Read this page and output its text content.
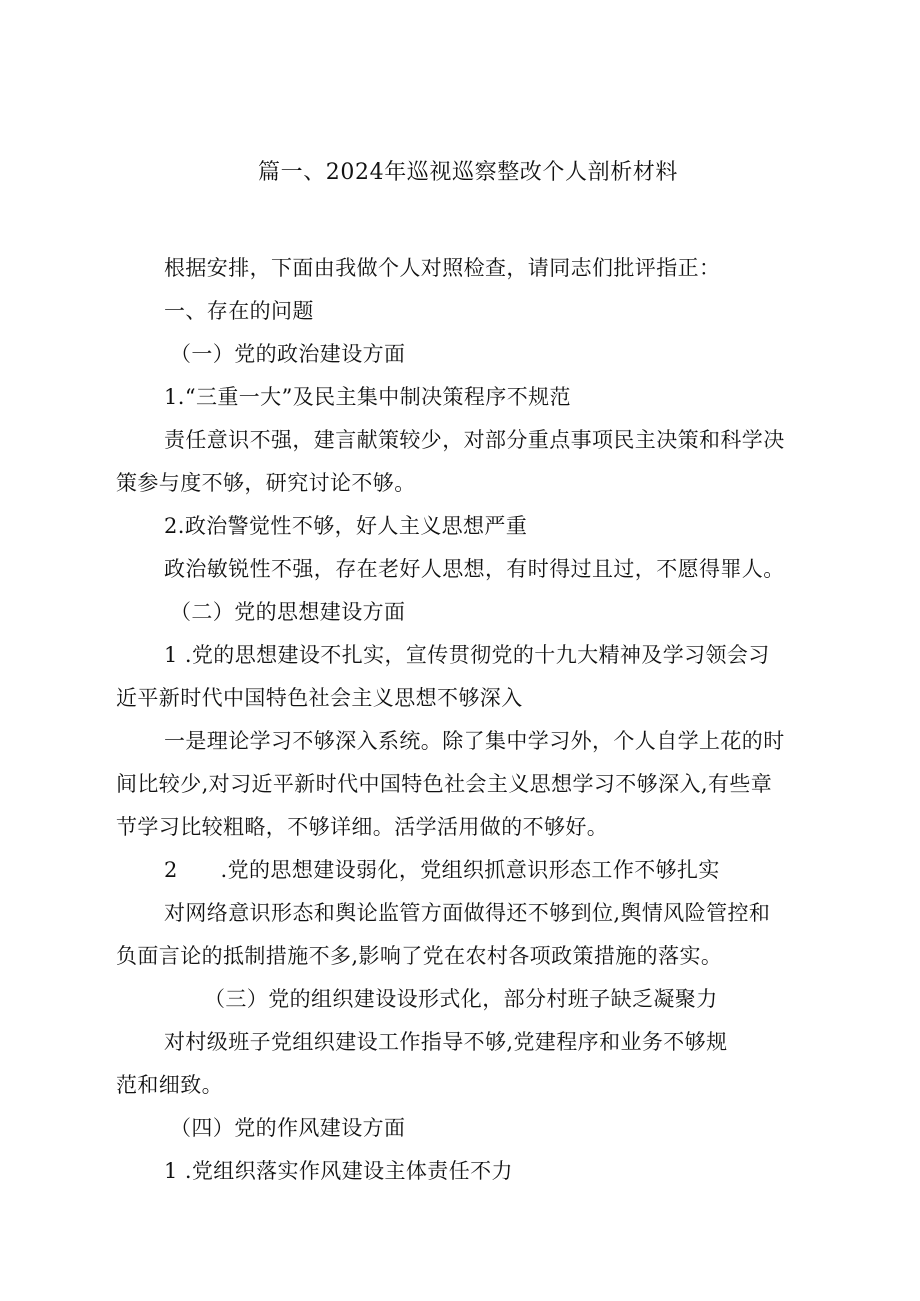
篇一、2024年巡视巡察整改个人剖析材料
根据安排，下面由我做个人对照检查，请同志们批评指正：
一、存在的问题
（一）党的政治建设方面
1.“三重一大”及民主集中制决策程序不规范
责任意识不强，建言献策较少，对部分重点事项民主决策和科学决
策参与度不够，研究讨论不够。
2.政治警觉性不够，好人主义思想严重
政治敏锐性不强，存在老好人思想，有时得过且过，不愿得罪人。
（二）党的思想建设方面
1 .党的思想建设不扎实，宣传贯彻党的十九大精神及学习领会习
近平新时代中国特色社会主义思想不够深入
一是理论学习不够深入系统。除了集中学习外，个人自学上花的时
间比较少,对习近平新时代中国特色社会主义思想学习不够深入,有些章
节学习比较粗略，不够详细。活学活用做的不够好。
2　　.党的思想建设弱化，党组织抓意识形态工作不够扎实
对网络意识形态和舆论监管方面做得还不够到位,舆情风险管控和
负面言论的抵制措施不多,影响了党在农村各项政策措施的落实。
（三）党的组织建设设形式化，部分村班子缺乏凝聚力
对村级班子党组织建设工作指导不够,党建程序和业务不够规
范和细致。
（四）党的作风建设方面
1 .党组织落实作风建设主体责任不力
